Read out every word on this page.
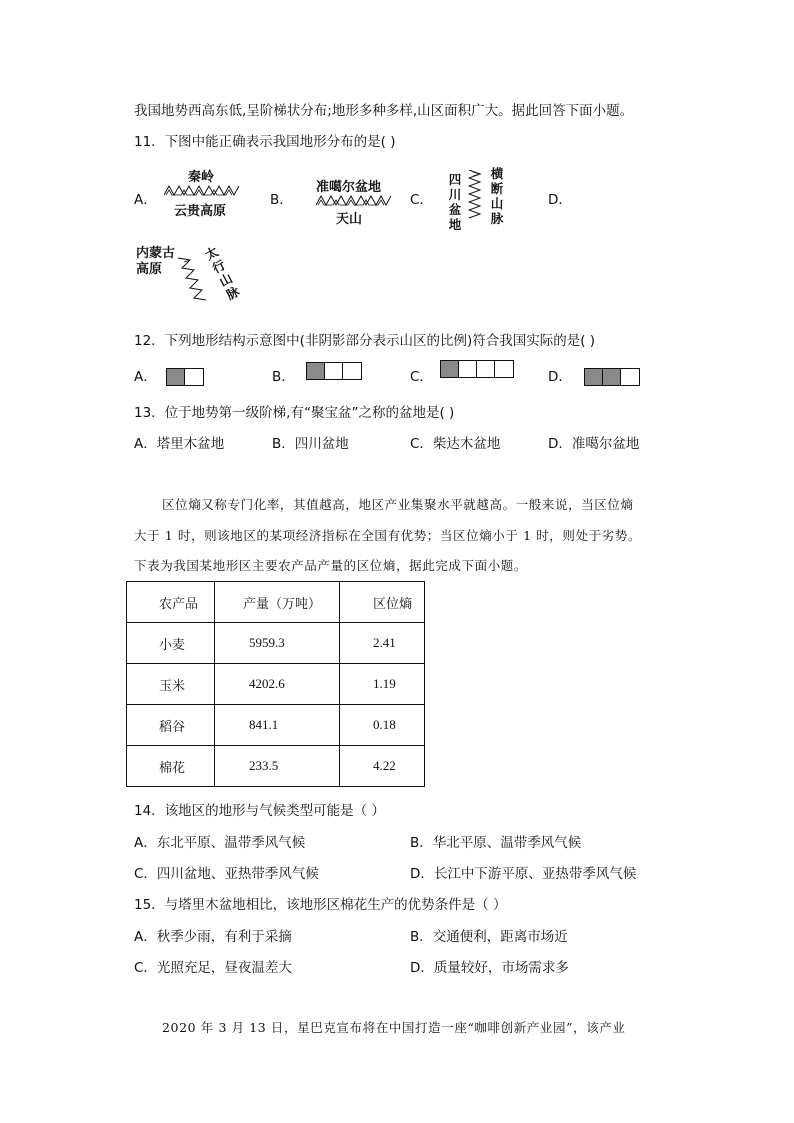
我国地势西高东低,呈阶梯状分布;地形多种多样,山区面积广大。据此回答下面小题。
11．下图中能正确表示我国地形分布的是( )
A．
秦岭
云贵高原
B．
准噶尔盆地
天山
C．
四川盆地
横断山脉
D．
内蒙古高原
太行山脉
12．下列地形结构示意图中(非阴影部分表示山区的比例)符合我国实际的是( )
A．	B．	C．	D．
13．位于地势第一级阶梯,有“聚宝盆”之称的盆地是( )
A．塔里木盆地	B．四川盆地	C．柴达木盆地	D．准噶尔盆地
区位熵又称专门化率，其值越高，地区产业集聚水平就越高。一般来说，当区位熵
大于 1 时，则该地区的某项经济指标在全国有优势；当区位熵小于 1 时，则处于劣势。
下表为我国某地形区主要农产品产量的区位熵，据此完成下面小题。
农产品	产量（万吨）	区位熵
小麦	5959.3	2.41
玉米	4202.6	1.19
稻谷	841.1	0.18
棉花	233.5	4.22
14．该地区的地形与气候类型可能是（ ）
A．东北平原、温带季风气候	B．华北平原、温带季风气候
C．四川盆地、亚热带季风气候	D．长江中下游平原、亚热带季风气候
15．与塔里木盆地相比，该地形区棉花生产的优势条件是（ ）
A．秋季少雨，有利于采摘	B．交通便利，距离市场近
C．光照充足，昼夜温差大	D．质量较好，市场需求多
2020 年 3 月 13 日，星巴克宣布将在中国打造一座“咖啡创新产业园”，该产业
